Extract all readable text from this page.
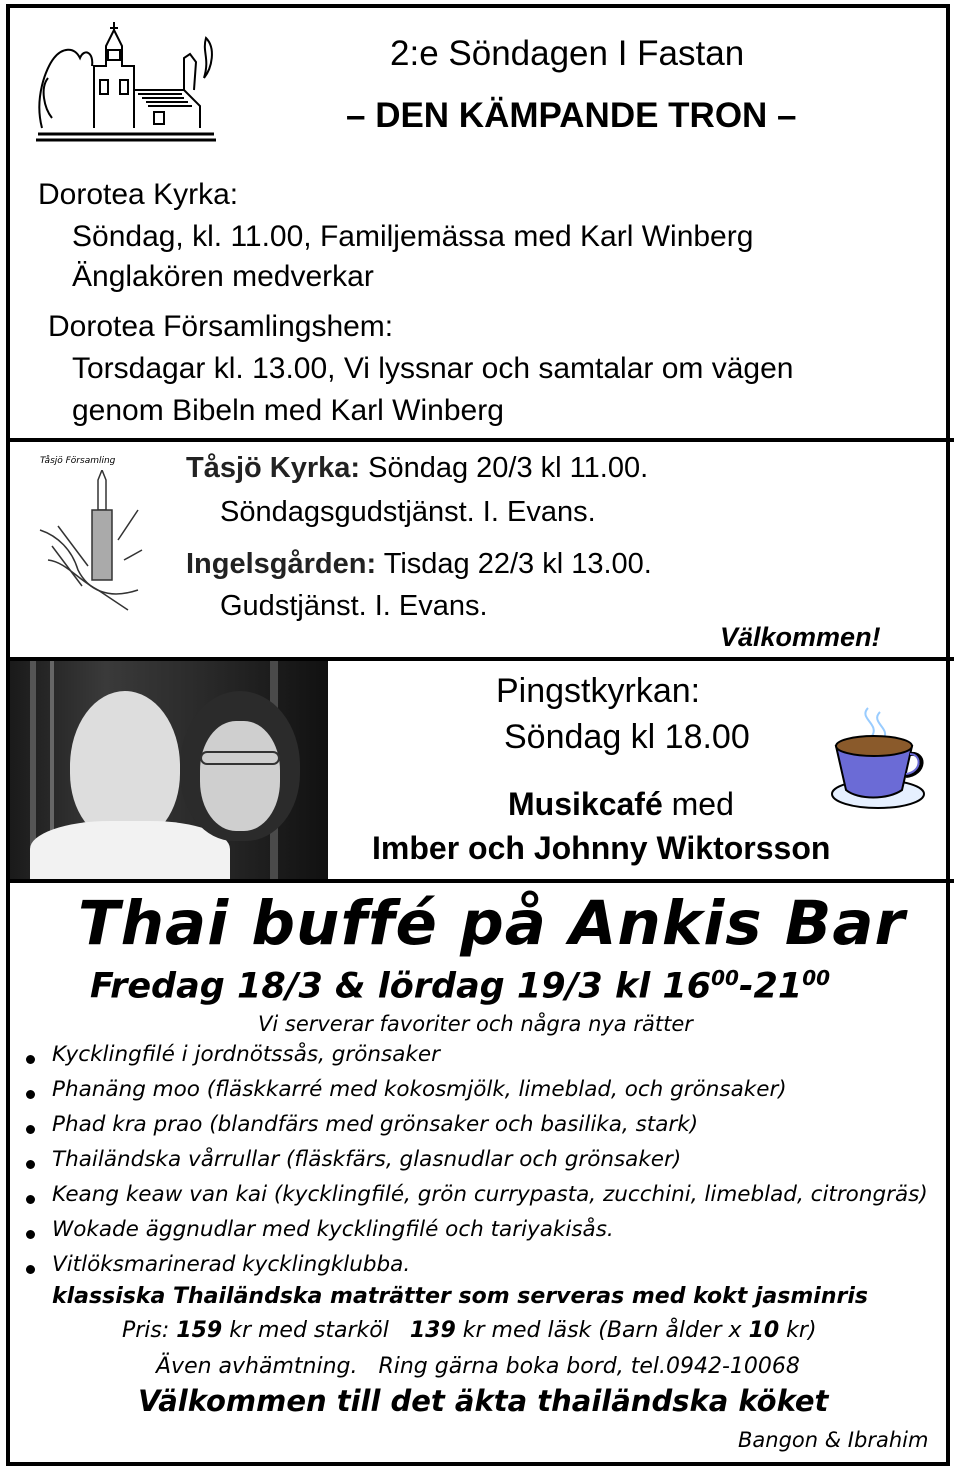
2:e Söndagen I Fastan
– DEN KÄMPANDE TRON –
Dorotea Kyrka:
Söndag, kl. 11.00, Familjemässa med Karl Winberg
Änglakören medverkar
Dorotea Församlingshem:
Torsdagar kl. 13.00, Vi lyssnar och samtalar om vägen
genom Bibeln med Karl Winberg
Tåsjö Församling Tåsjö Kyrka: Söndag 20/3 kl 11.00.
Söndagsgudstjänst. I. Evans.
Ingelsgården: Tisdag 22/3 kl 13.00.
Gudstjänst. I. Evans.
Välkommen!
Pingstkyrkan:
Söndag kl 18.00
Musikcafé med
Imber och Johnny Wiktorsson
Thai buffé på Ankis Bar
Fredag 18/3 & lördag 19/3 kl $16^{00}-21^{00}$
Vi serverar favoriter och några nya rätter
Kycklingfilé i jordnötssås, grönsaker
Phanäng moo (fläskkarré med kokosmjölk, limeblad, och grönsaker)
Phad kra prao (blandfärs med grönsaker och basilika, stark)
Thailändska vårrullar (fläskfärs, glasnudlar och grönsaker)
Keang keaw van kai (kycklingfilé, grön currypasta, zucchini, limeblad, citrongräs)
Wokade äggnudlar med kycklingfilé och tariyakisås.
Vitlöksmarinerad kycklingklubba.
klassiska Thailändska maträtter som serveras med kokt jasminris
Pris: 159 kr med starköl   139 kr med läsk (Barn ålder x 10 kr)
Även avhämtning.   Ring gärna boka bord, tel.0942-10068
Välkommen till det äkta thailändska köket
Bangon & Ibrahim
